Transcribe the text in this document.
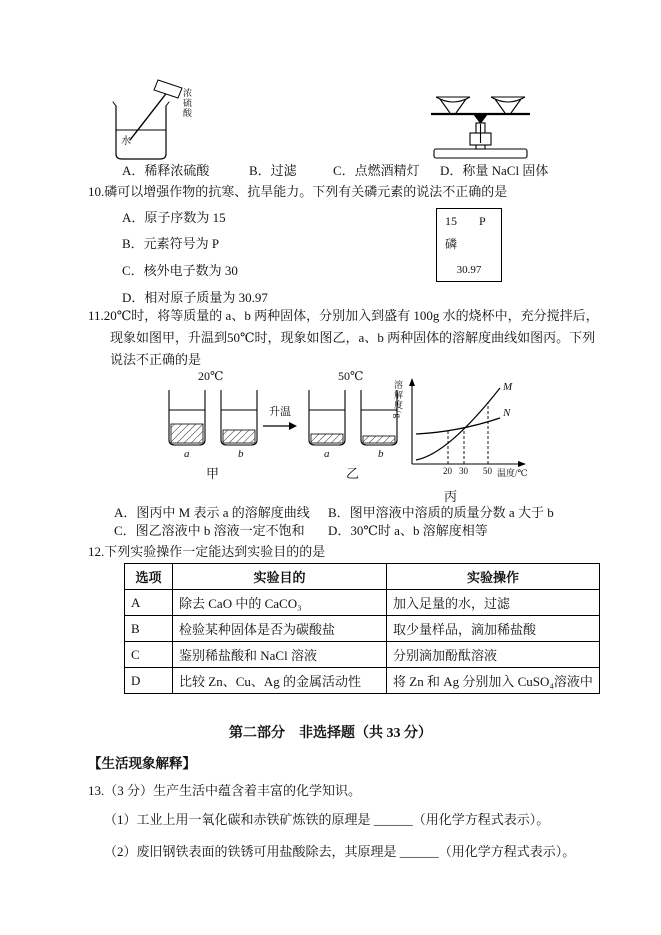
浓硫酸
水
A．稀释浓硫酸	B．过滤	C．点燃酒精灯 D．称量 NaCl 固体
10.磷可以增强作物的抗寒、抗旱能力。下列有关磷元素的说法不正确的是
A．原子序数为 15
B．元素符号为 P
C．核外电子数为 30
D．相对原子质量为 30.97
15 P
磷
30.97
11.20℃时，将等质量的 a、b 两种固体，分别加入到盛有 100g 水的烧杯中，充分搅拌后，
现象如图甲，升温到50℃时，现象如图乙，a、b 两种固体的溶解度曲线如图丙。下列
说法不正确的是
20℃	50℃
a	b
甲
升温
a	b
乙
溶解度/g	M
N
20 30 50 温度/℃
丙
A．图丙中 M 表示 a 的溶解度曲线 B．图甲溶液中溶质的质量分数 a 大于 b
C．图乙溶液中 b 溶液一定不饱和 D．30℃时 a、b 溶解度相等
12.下列实验操作一定能达到实验目的的是
选项	实验目的	实验操作
A	除去 CaO 中的 CaCO₃	加入足量的水，过滤
B	检验某种固体是否为碳酸盐	取少量样品，滴加稀盐酸
C	鉴别稀盐酸和 NaCl 溶液	分别滴加酚酞溶液
D	比较 Zn、Cu、Ag 的金属活动性	将 Zn 和 Ag 分别加入 CuSO₄溶液中
第二部分　非选择题（共 33 分）
【生活现象解释】
13.（3 分）生产生活中蕴含着丰富的化学知识。
（1）工业上用一氧化碳和赤铁矿炼铁的原理是 ______（用化学方程式表示）。
（2）废旧钢铁表面的铁锈可用盐酸除去，其原理是 ______（用化学方程式表示）。
